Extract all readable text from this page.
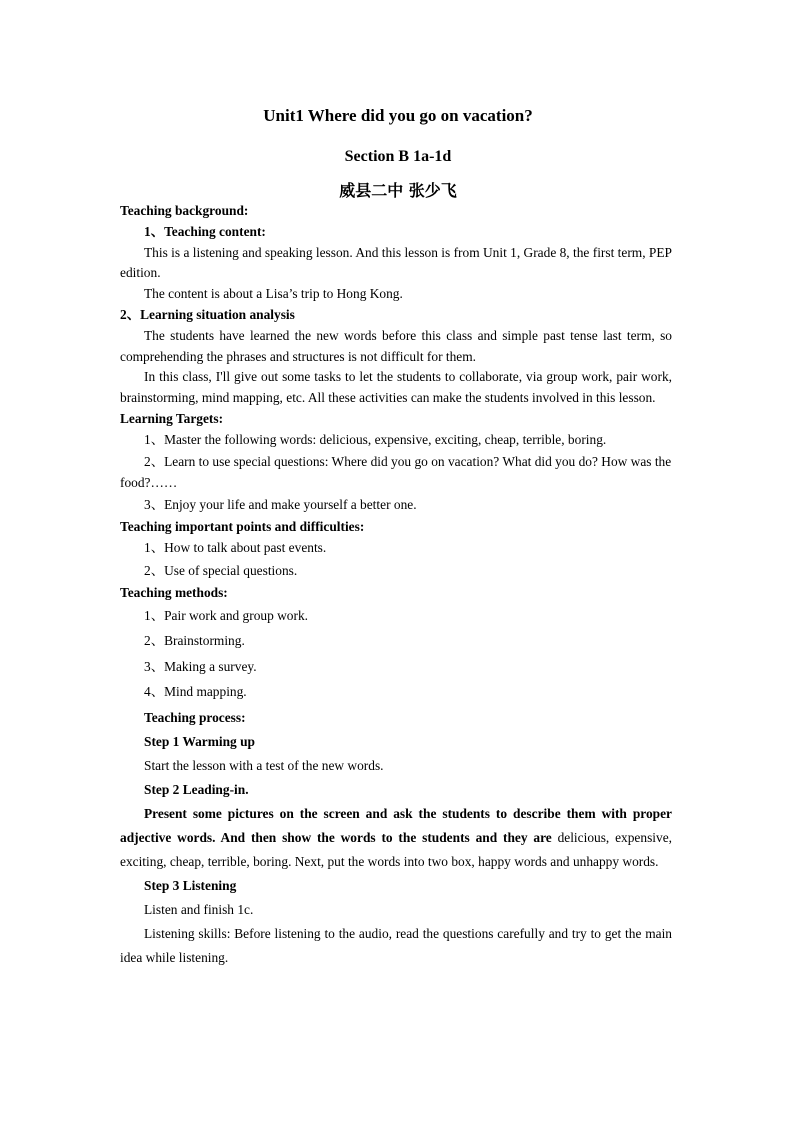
Unit1 Where did you go on vacation?
Section B 1a-1d
威县二中 张少飞

Teaching background:

1、Teaching content:

This is a listening and speaking lesson. And this lesson is from Unit 1, Grade 8, the first term, PEP edition.

The content is about a Lisa’s trip to Hong Kong.

2、Learning situation analysis

The students have learned the new words before this class and simple past tense last term, so comprehending the phrases and structures is not difficult for them.

In this class, I'll give out some tasks to let the students to collaborate, via group work, pair work, brainstorming, mind mapping, etc. All these activities can make the students involved in this lesson.

Learning Targets:

1、Master the following words: delicious, expensive, exciting, cheap, terrible, boring.

2、Learn to use special questions: Where did you go on vacation? What did you do? How was the food?……

3、Enjoy your life and make yourself a better one.

Teaching important points and difficulties:

1、How to talk about past events.

2、Use of special questions.

Teaching methods:

1、Pair work and group work.

2、Brainstorming.

3、Making a survey.

4、Mind mapping.

Teaching process:

Step 1 Warming up

Start the lesson with a test of the new words.

Step 2 Leading-in.

Present some pictures on the screen and ask the students to describe them with proper adjective words. And then show the words to the students and they are delicious, expensive, exciting, cheap, terrible, boring. Next, put the words into two box, happy words and unhappy words.

Step 3 Listening

Listen and finish 1c.

Listening skills: Before listening to the audio, read the questions carefully and try to get the main idea while listening.
